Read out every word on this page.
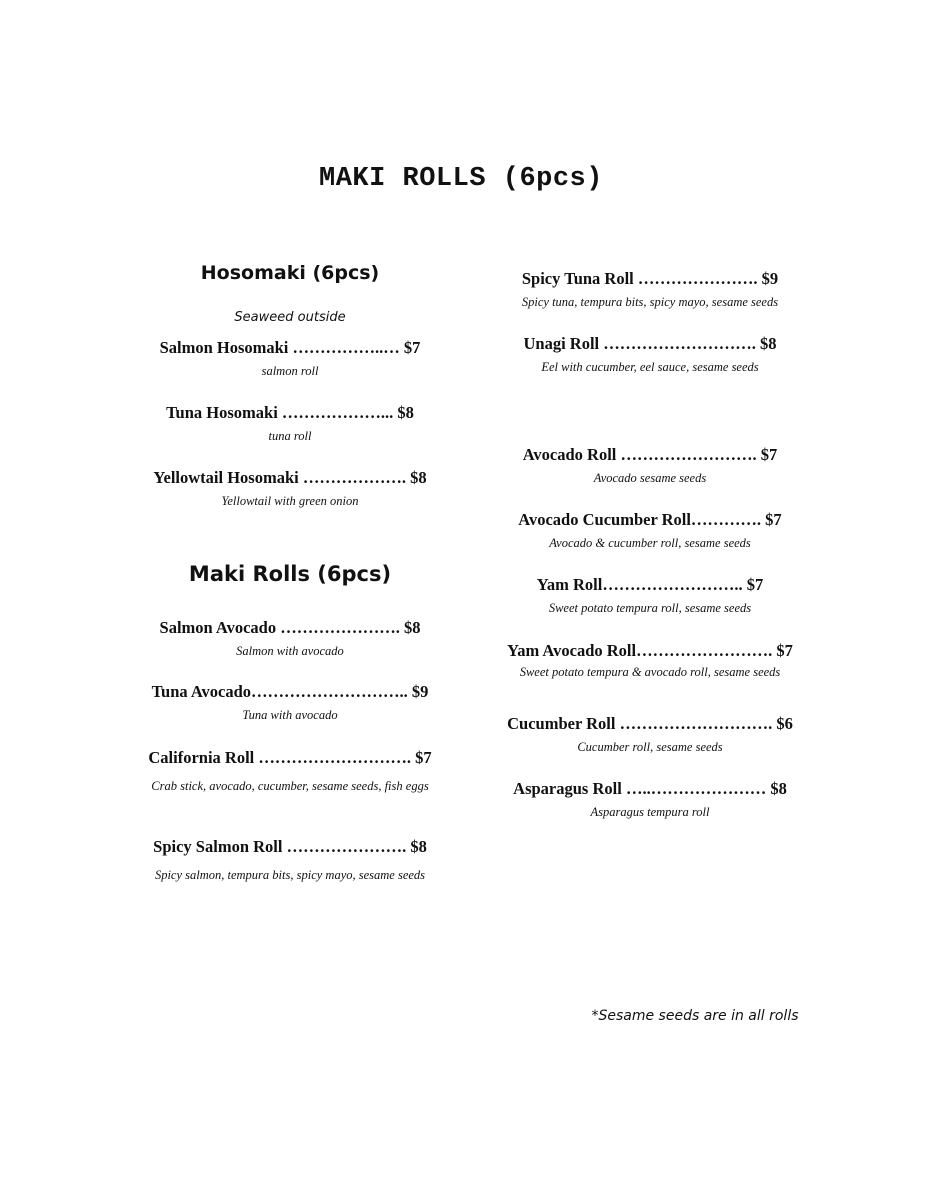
MAKI ROLLS (6pcs)
Hosomaki (6pcs)
Seaweed outside
Salmon Hosomaki ……………..… $7
salmon roll
Tuna Hosomaki ………………... $8
tuna roll
Yellowtail Hosomaki ………………. $8
Yellowtail with green onion
Maki Rolls (6pcs)
Salmon Avocado …………………. $8
Salmon with avocado
Tuna Avocado……………………….. $9
Tuna with avocado
California Roll ………………………. $7
Crab stick, avocado, cucumber, sesame seeds, fish eggs
Spicy Salmon Roll …………………. $8
Spicy salmon, tempura bits, spicy mayo, sesame seeds
Spicy Tuna Roll …………………. $9
Spicy tuna, tempura bits, spicy mayo, sesame seeds
Unagi Roll ………………………. $8
Eel with cucumber, eel sauce, sesame seeds
Avocado Roll ……………………. $7
Avocado sesame seeds
Avocado Cucumber Roll…………. $7
Avocado & cucumber roll, sesame seeds
Yam Roll…………………….. $7
Sweet potato tempura roll, sesame seeds
Yam Avocado Roll……………………. $7
Sweet potato tempura & avocado roll, sesame seeds
Cucumber Roll ………………………. $6
Cucumber roll, sesame seeds
Asparagus Roll …..………………… $8
Asparagus tempura roll
*Sesame seeds are in all rolls
